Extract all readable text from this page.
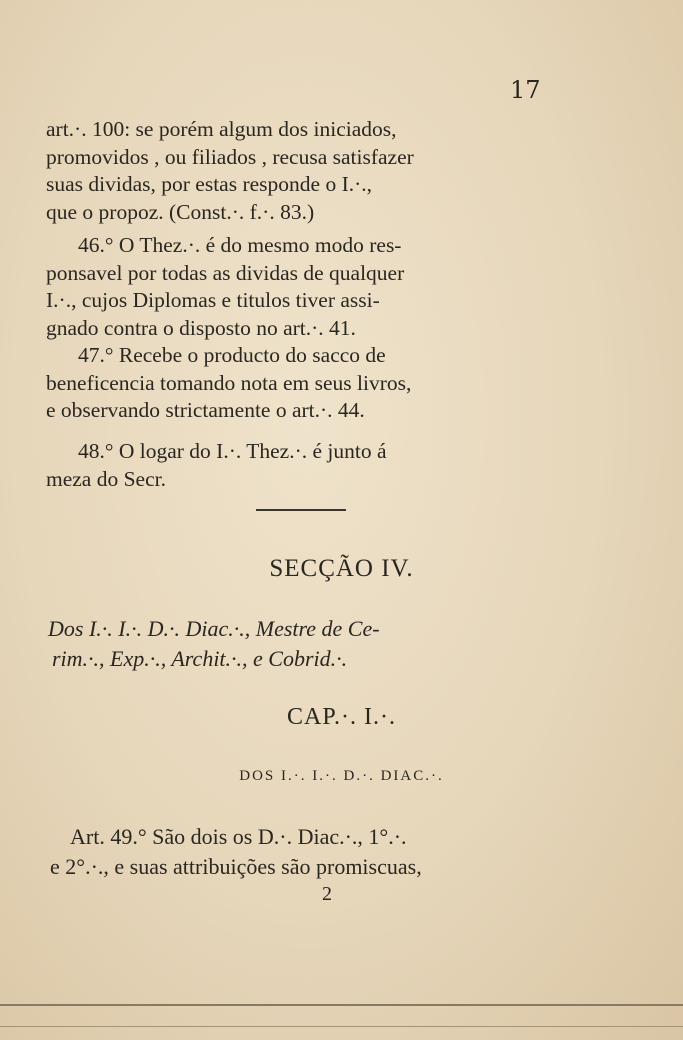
17
art.·. 100: se porém algum dos iniciados,
promovidos , ou filiados , recusa satisfazer
suas dividas, por estas responde o I.·.,
que o propoz. (Const.·. f.·. 83.)
46.° O Thez.·. é do mesmo modo res-
ponsavel por todas as dividas de qualquer
I.·., cujos Diplomas e titulos tiver assi-
gnado contra o disposto no art.·. 41.
47.° Recebe o producto do sacco de
beneficencia tomando nota em seus livros,
e observando strictamente o art.·. 44.
48.° O logar do I.·. Thez.·. é junto á
meza do Secr.
SECÇÃO IV.
Dos I.·. I.·. D.·. Diac.·., Mestre de Ce-
rim.·., Exp.·., Archit.·., e Cobrid.·.
CAP.·. I.·.
DOS I.·. I.·. D.·. DIAC.·.
Art. 49.° São dois os D.·. Diac.·., 1°.·.
e 2°.·., e suas attribuições são promiscuas,
2
